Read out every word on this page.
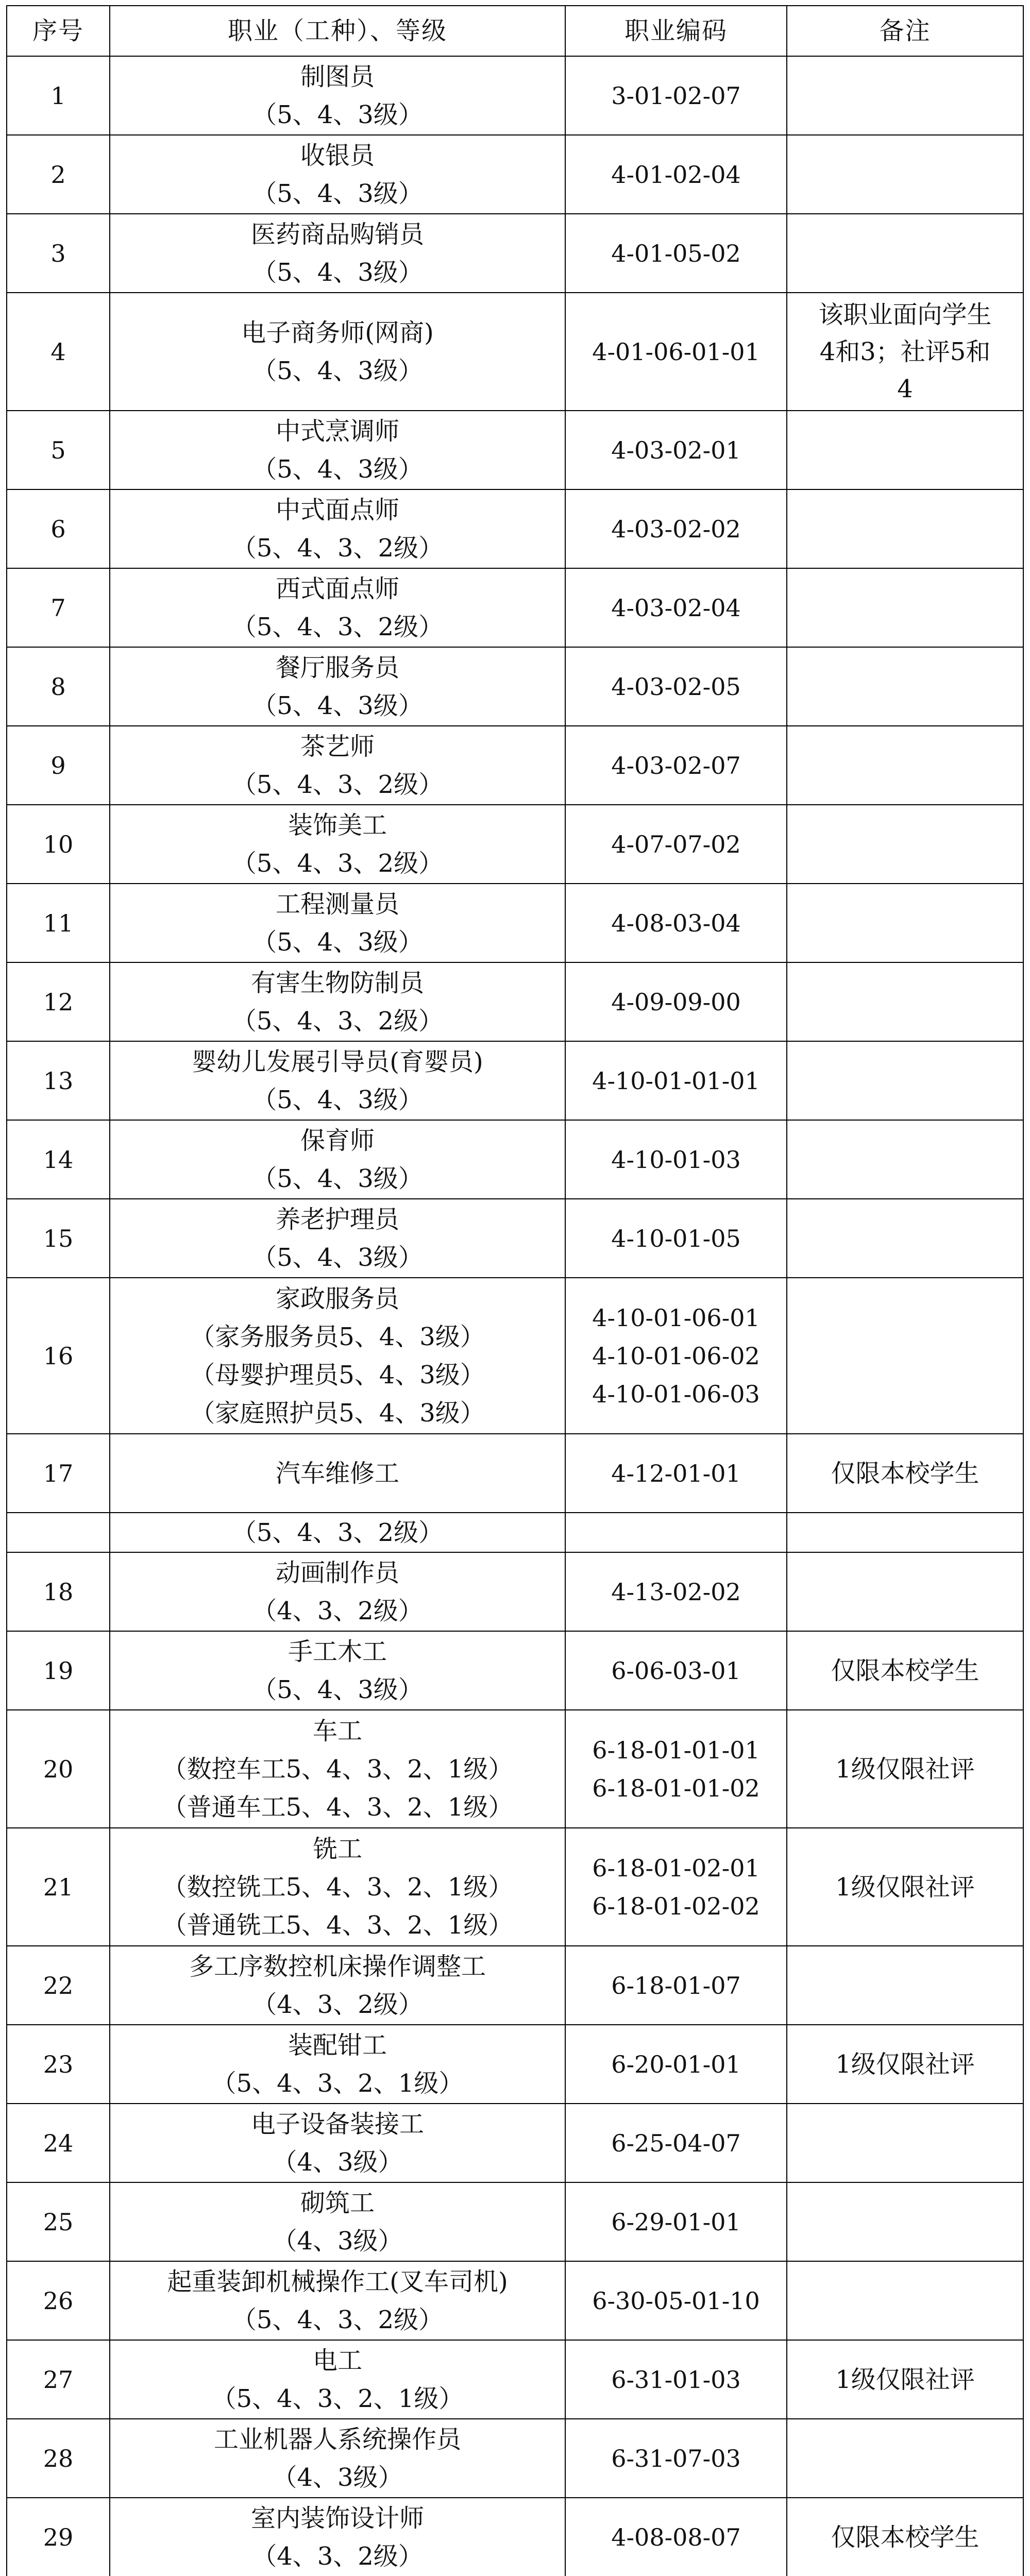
序号	职业（工种）、等级	职业编码	备注
1	制图员
（5、4、3级）	3-01-02-07	

2	收银员
（5、4、3级）	4-01-02-04	

3	医药商品购销员
（5、4、3级）	4-01-05-02	

4	电子商务师(网商)
（5、4、3级）	4-01-06-01-01	该职业面向学生
4和3；社评5和
4

5	中式烹调师
（5、4、3级）	4-03-02-01	

6	中式面点师
（5、4、3、2级）	4-03-02-02	

7	西式面点师
（5、4、3、2级）	4-03-02-04	

8	餐厅服务员
（5、4、3级）	4-03-02-05	

9	茶艺师
（5、4、3、2级）	4-03-02-07	

10	装饰美工
（5、4、3、2级）	4-07-07-02	

11	工程测量员
（5、4、3级）	4-08-03-04	

12	有害生物防制员
（5、4、3、2级）	4-09-09-00	

13	婴幼儿发展引导员(育婴员)
（5、4、3级）	4-10-01-01-01	

14	保育师
（5、4、3级）	4-10-01-03	

15	养老护理员
（5、4、3级）	4-10-01-05	

16	家政服务员
（家务服务员5、4、3级）
（母婴护理员5、4、3级）
（家庭照护员5、4、3级）	4-10-01-06-01
4-10-01-06-02
4-10-01-06-03	

17	汽车维修工	4-12-01-01	仅限本校学生

	（5、4、3、2级）		

18	动画制作员
（4、3、2级）	4-13-02-02	

19	手工木工
（5、4、3级）	6-06-03-01	仅限本校学生

20	车工
（数控车工5、4、3、2、1级）
（普通车工5、4、3、2、1级）	6-18-01-01-01
6-18-01-01-02	1级仅限社评

21	铣工
（数控铣工5、4、3、2、1级）
（普通铣工5、4、3、2、1级）	6-18-01-02-01
6-18-01-02-02	1级仅限社评

22	多工序数控机床操作调整工
（4、3、2级）	6-18-01-07	

23	装配钳工
（5、4、3、2、1级）	6-20-01-01	1级仅限社评

24	电子设备装接工
（4、3级）	6-25-04-07	

25	砌筑工
（4、3级）	6-29-01-01	

26	起重装卸机械操作工(叉车司机)
（5、4、3、2级）	6-30-05-01-10	

27	电工
（5、4、3、2、1级）	6-31-01-03	1级仅限社评

28	工业机器人系统操作员
（4、3级）	6-31-07-03	

29	室内装饰设计师
（4、3、2级）	4-08-08-07	仅限本校学生
